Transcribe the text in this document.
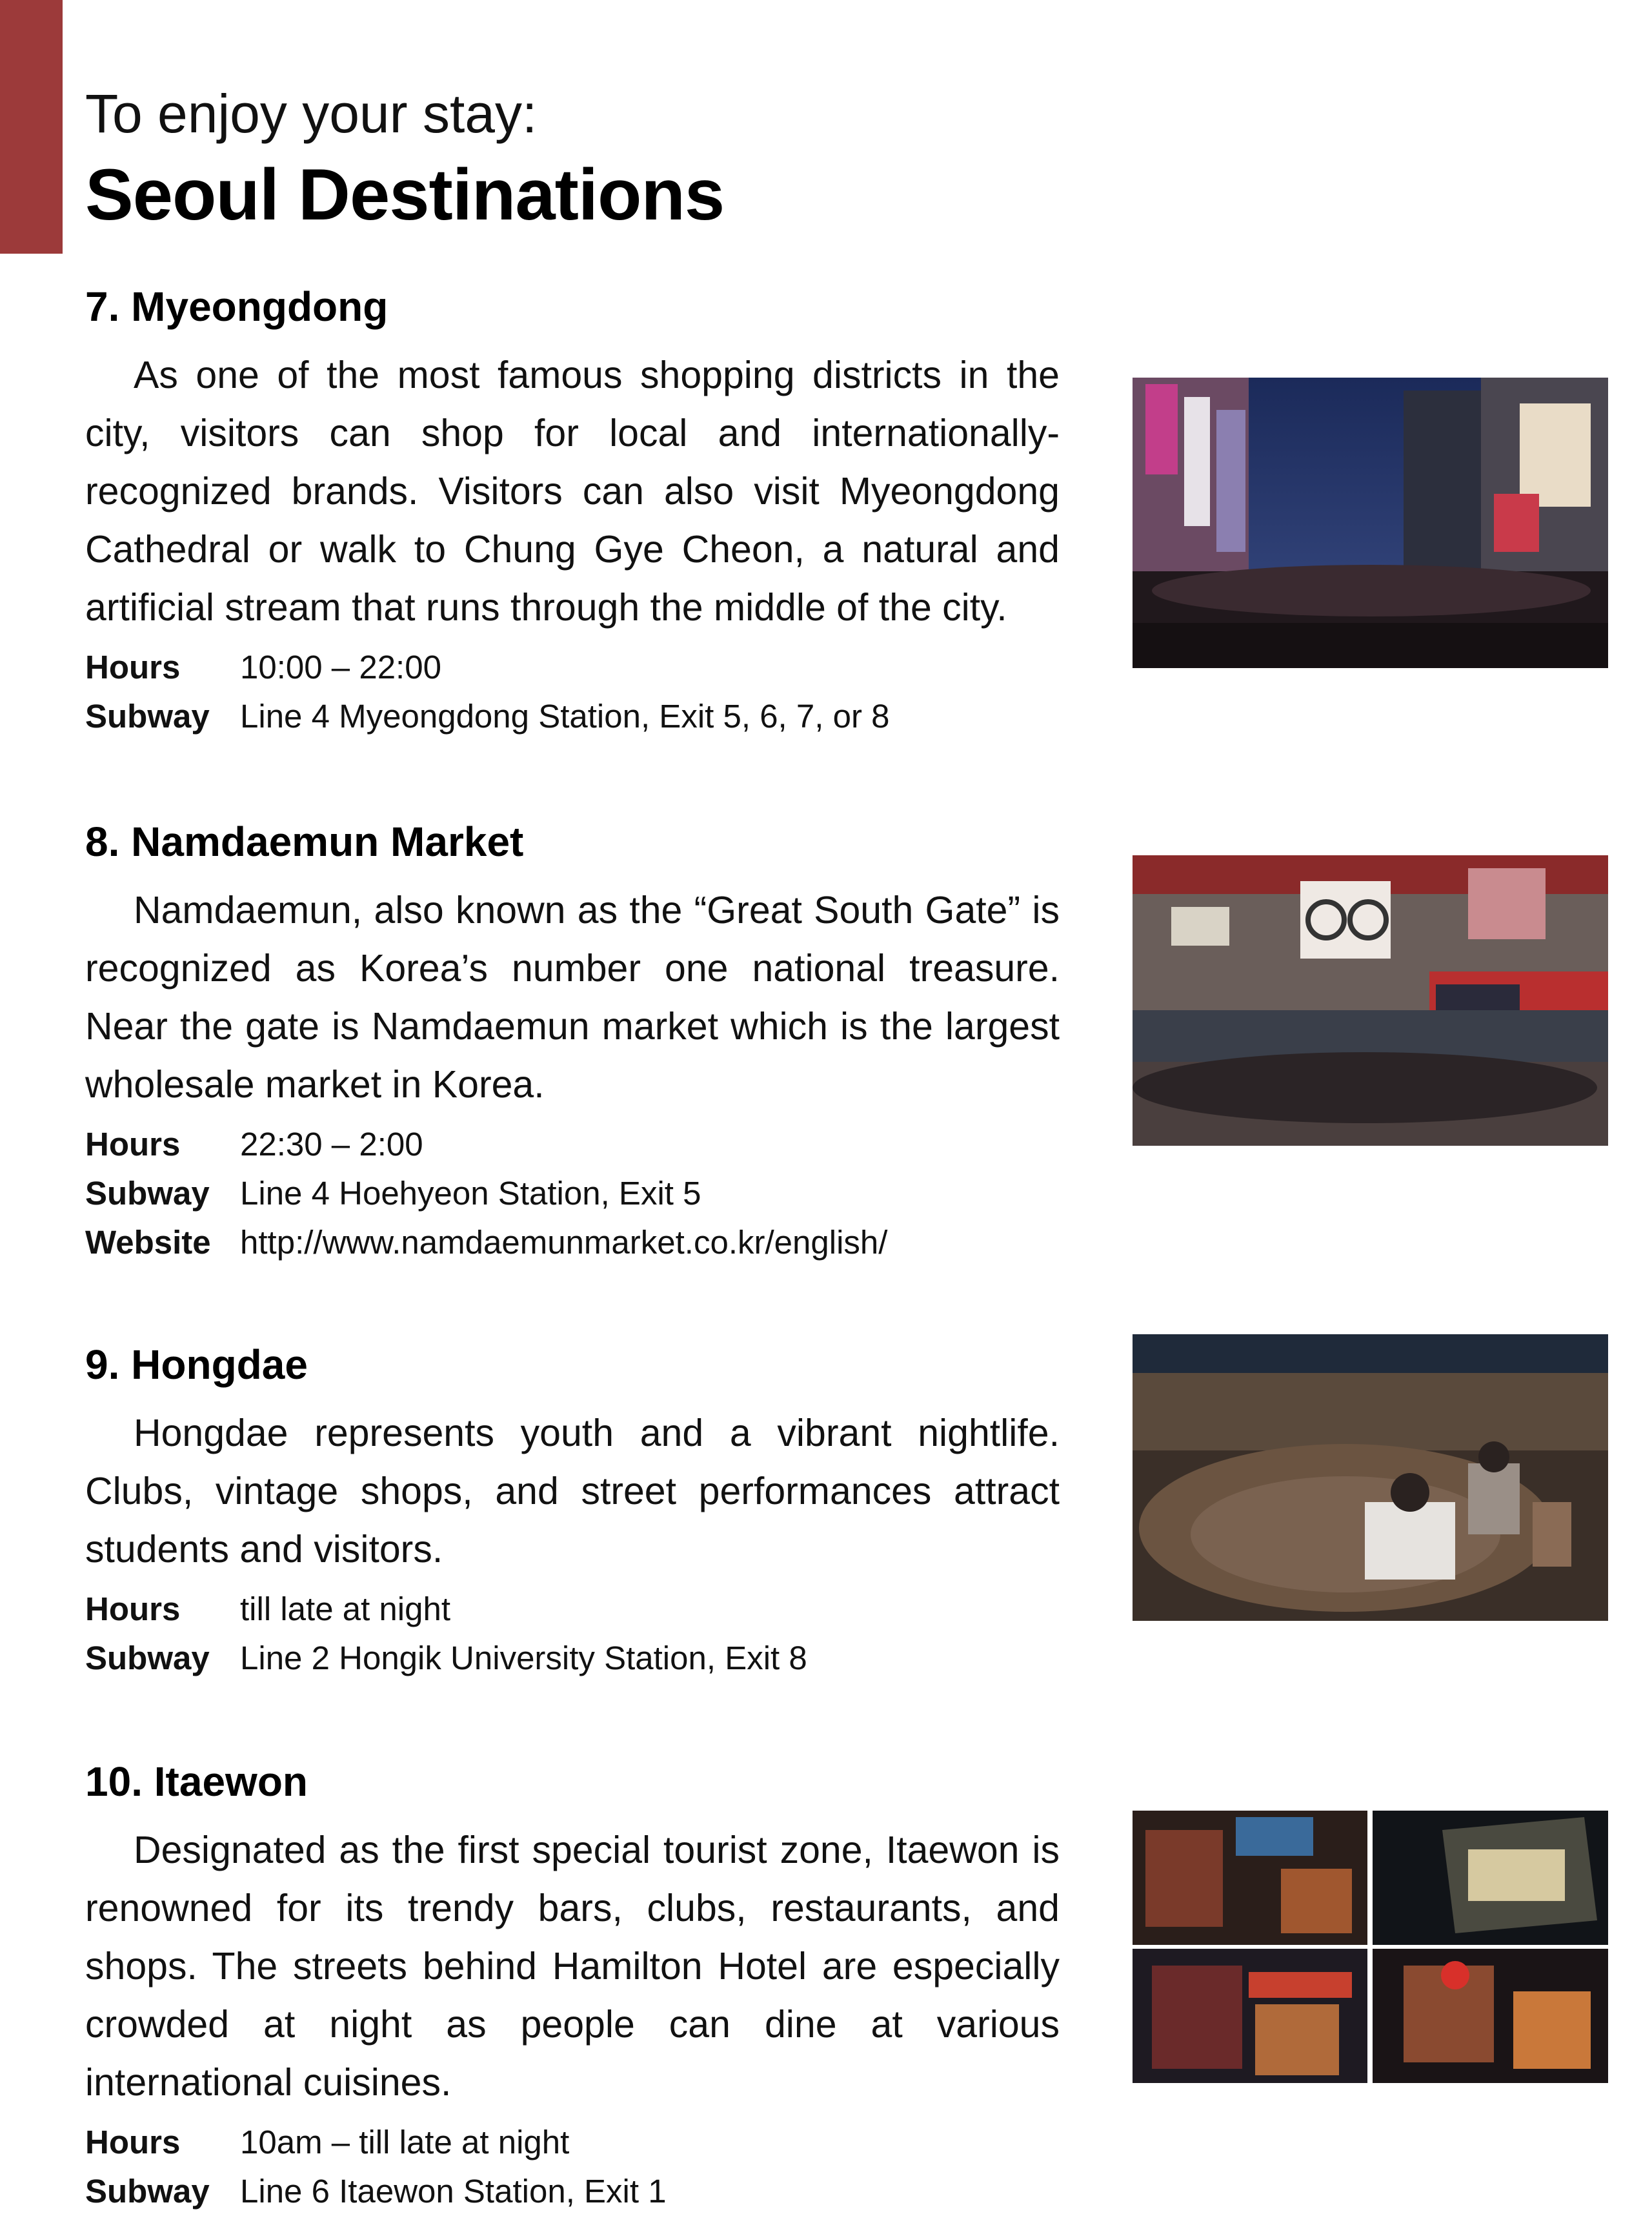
To enjoy your stay:
Seoul Destinations
7. Myeongdong
As one of the most famous shopping districts in the city, visitors can shop for local and internationally-recognized brands. Visitors can also visit Myeongdong Cathedral or walk to Chung Gye Cheon, a natural and artificial stream that runs through the middle of the city.
Hours	10:00 – 22:00
Subway Line 4 Myeongdong Station, Exit 5, 6, 7, or 8
8. Namdaemun Market
Namdaemun, also known as the “Great South Gate” is recognized as Korea’s number one national treasure. Near the gate is Namdaemun market which is the largest wholesale market in Korea.
Hours	22:30 – 2:00
Subway Line 4 Hoehyeon Station, Exit 5
Website http://www.namdaemunmarket.co.kr/english/
9. Hongdae
Hongdae represents youth and a vibrant nightlife. Clubs, vintage shops, and street performances attract students and visitors.
Hours	till late at night
Subway Line 2 Hongik University Station, Exit 8
10. Itaewon
Designated as the first special tourist zone, Itaewon is renowned for its trendy bars, clubs, restaurants, and shops. The streets behind Hamilton Hotel are especially crowded at night as people can dine at various international cuisines.
Hours	10am – till late at night
Subway Line 6 Itaewon Station, Exit 1
